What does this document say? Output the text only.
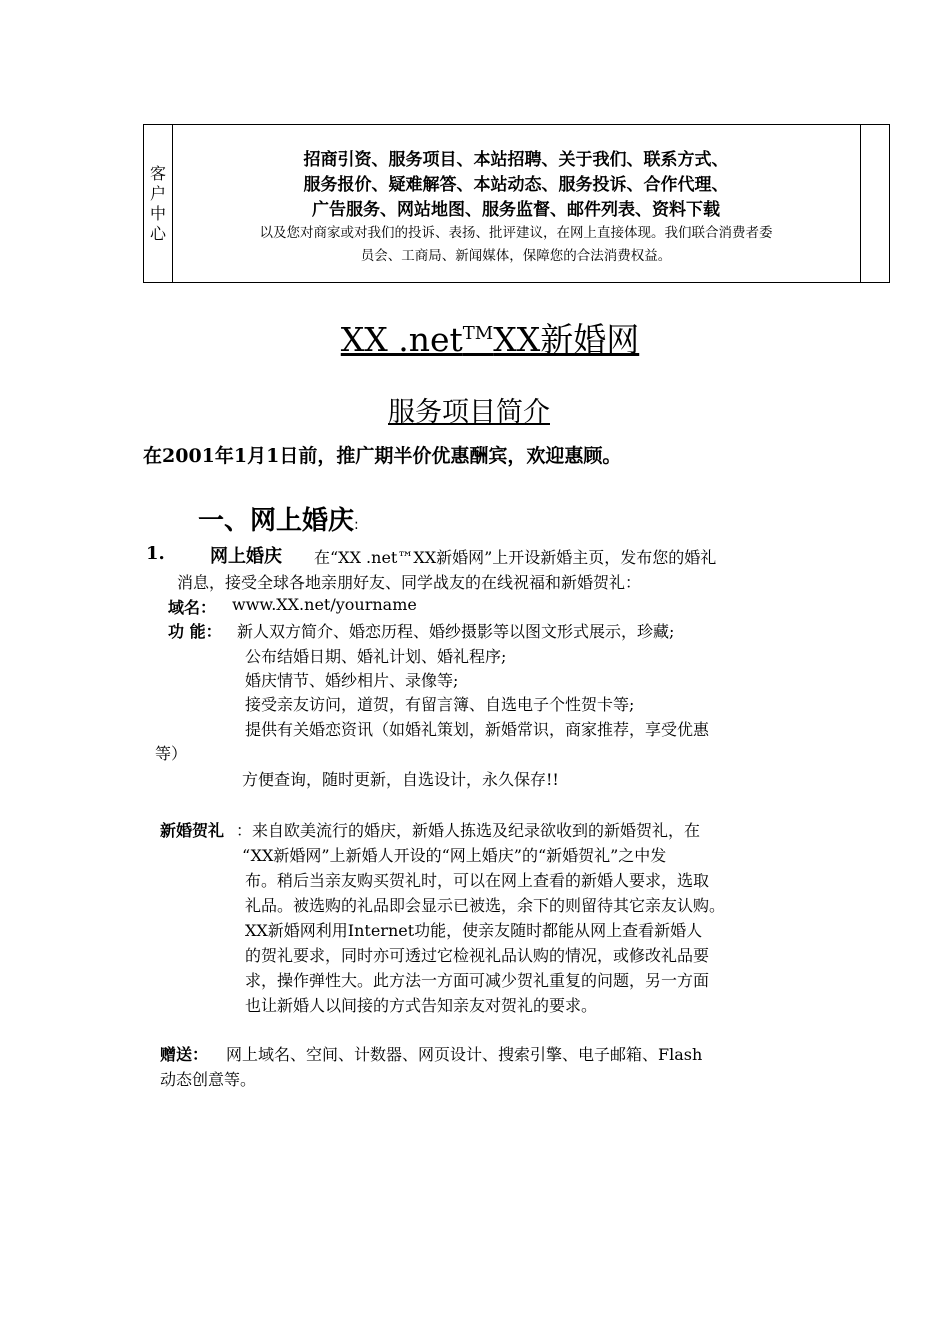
客
户
中
心
招商引资、服务项目、本站招聘、关于我们、联系方式、
服务报价、疑难解答、本站动态、服务投诉、合作代理、
广告服务、网站地图、服务监督、邮件列表、资料下载
以及您对商家或对我们的投诉、表扬、批评建议，在网上直接体现。我们联合消费者委
员会、工商局、新闻媒体，保障您的合法消费权益。
XX .net™XX新婚网
服务项目简介
在2001年1月1日前，推广期半价优惠酬宾，欢迎惠顾。
一、网上婚庆:
1.	网上婚庆 在“XX .net™XX新婚网”上开设新婚主页，发布您的婚礼
消息，接受全球各地亲朋好友、同学战友的在线祝福和新婚贺礼：
域名： www.XX.net/yourname
功 能： 新人双方简介、婚恋历程、婚纱摄影等以图文形式展示，珍藏;
公布结婚日期、婚礼计划、婚礼程序;
婚庆情节、婚纱相片、录像等;
接受亲友访问，道贺，有留言簿、自选电子个性贺卡等;
提供有关婚恋资讯（如婚礼策划，新婚常识，商家推荐，享受优惠
等）
方便查询，随时更新，自选设计，永久保存!!
新婚贺礼 ：来自欧美流行的婚庆，新婚人拣选及纪录欲收到的新婚贺礼，在
“XX新婚网”上新婚人开设的“网上婚庆”的“新婚贺礼”之中发
布。稍后当亲友购买贺礼时，可以在网上查看的新婚人要求，选取
礼品。被选购的礼品即会显示已被选，余下的则留待其它亲友认购。
XX新婚网利用Internet功能，使亲友随时都能从网上查看新婚人
的贺礼要求，同时亦可透过它检视礼品认购的情况，或修改礼品要
求，操作弹性大。此方法一方面可减少贺礼重复的问题，另一方面
也让新婚人以间接的方式告知亲友对贺礼的要求。
赠送： 网上域名、空间、计数器、网页设计、搜索引擎、电子邮箱、Flash
动态创意等。
